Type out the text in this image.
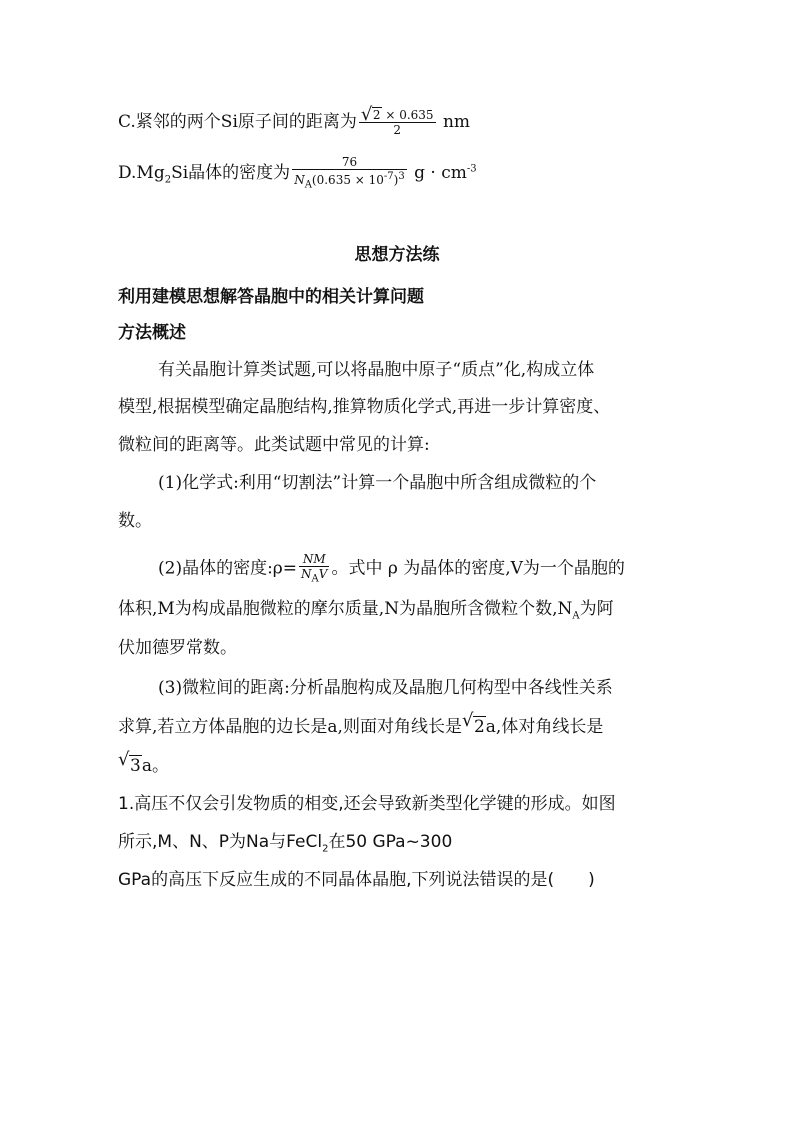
C.紧邻的两个Si原子间的距离为 $\frac{√ 2 \times 0.635}{2}$ nm
$D.Mg_2Si$晶体的密度为 $\frac{76}{N_A(0.635 \times 10^{-7})^3}$ $g \cdot cm^{-3}$
思想方法练
利用建模思想解答晶胞中的相关计算问题
方法概述
有关晶胞计算类试题,可以将晶胞中原子“质点”化,构成立体
模型,根据模型确定晶胞结构,推算物质化学式,再进一步计算密度、
微粒间的距离等。此类试题中常见的计算:
(1)化学式:利用“切割法”计算一个晶胞中所含组成微粒的个
数。
(2)晶体的密度:ρ= $\frac{NM}{N_AV}$ 。式中 ρ 为晶体的密度,V为一个晶胞的
体积,M为构成晶胞微粒的摩尔质量,N为晶胞所含微粒个数$,N_A$为阿
伏加德罗常数。
(3)微粒间的距离:分析晶胞构成及晶胞几何构型中各线性关系
求算,若立方体晶胞的边长是a,则面对角线长是 √ 2a,体对角线长是
√ 3a。
1.高压不仅会引发物质的相变,还会导致新类型化学键的形成。如图
所示,M、N、P为Na与FeCl$_2$在50 GPa~300
GPa的高压下反应生成的不同晶体晶胞,下列说法错误的是(　　)
